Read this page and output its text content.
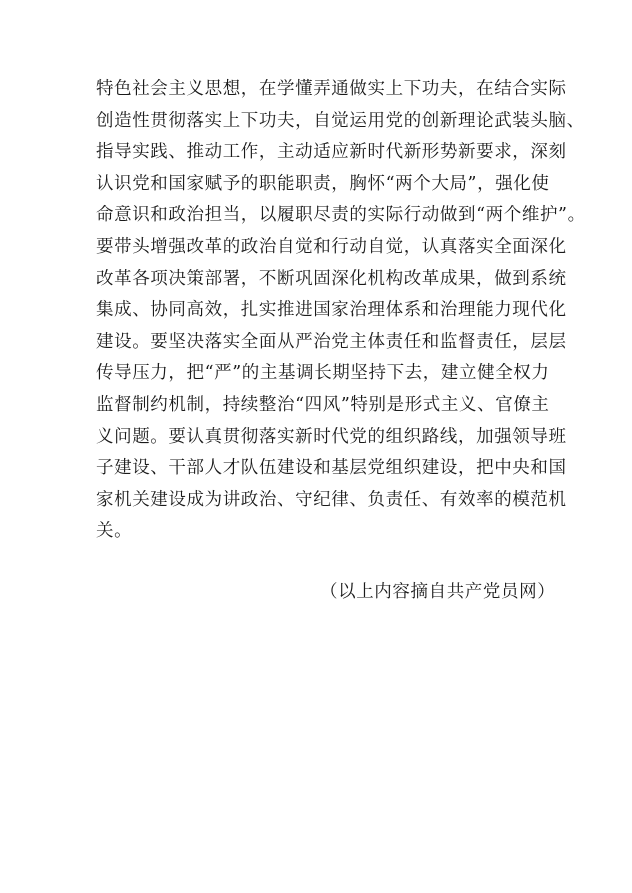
特色社会主义思想，在学懂弄通做实上下功夫，在结合实际
创造性贯彻落实上下功夫，自觉运用党的创新理论武装头脑、
指导实践、推动工作，主动适应新时代新形势新要求，深刻
认识党和国家赋予的职能职责，胸怀“两个大局”，强化使
命意识和政治担当，以履职尽责的实际行动做到“两个维护”。
要带头增强改革的政治自觉和行动自觉，认真落实全面深化
改革各项决策部署，不断巩固深化机构改革成果，做到系统
集成、协同高效，扎实推进国家治理体系和治理能力现代化
建设。要坚决落实全面从严治党主体责任和监督责任，层层
传导压力，把“严”的主基调长期坚持下去，建立健全权力
监督制约机制，持续整治“四风”特别是形式主义、官僚主
义问题。要认真贯彻落实新时代党的组织路线，加强领导班
子建设、干部人才队伍建设和基层党组织建设，把中央和国
家机关建设成为讲政治、守纪律、负责任、有效率的模范机
关。
（以上内容摘自共产党员网）
